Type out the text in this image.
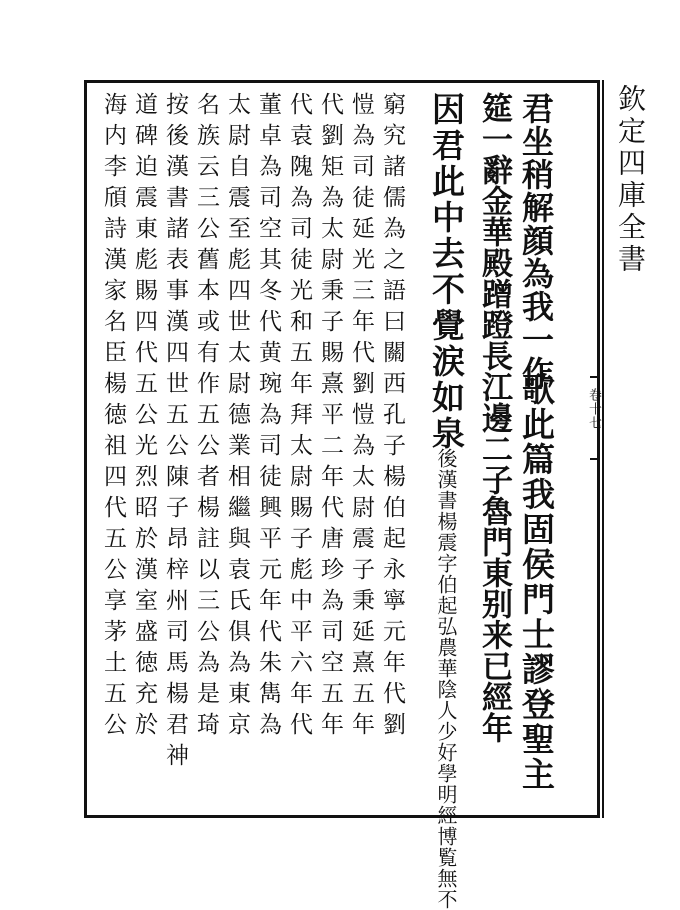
欽定四庫全書
卷十七
君坐稍解顔為我一作
歌此篇我固侯門士謬登聖主
筵一辭金華殿蹭蹬長江邊二子魯門東别来已經年
因君此中去不覺涙如泉
後漢書楊震字伯起弘農華陰人少好學明經博覧無不
窮究諸儒為之語曰關西孔子楊伯起永寧元年代劉
愷為司徒延光三年代劉愷為太尉震子秉延熹五年
代劉矩為太尉秉子賜熹平二年代唐珍為司空五年
代袁隗為司徒光和五年拜太尉賜子彪中平六年代
董卓為司空其冬代黄琬為司徒興平元年代朱雋為
太尉自震至彪四世太尉德業相繼與袁氏俱為東京
名族云三公舊本或有作五公者楊註以三公為是琦
按後漢書諸表事漢四世五公陳子昂梓州司馬楊君神
道碑迫震東彪賜四代五公光烈昭於漢室盛徳充於
海内李頎詩漢家名臣楊徳祖四代五公享茅土五公
